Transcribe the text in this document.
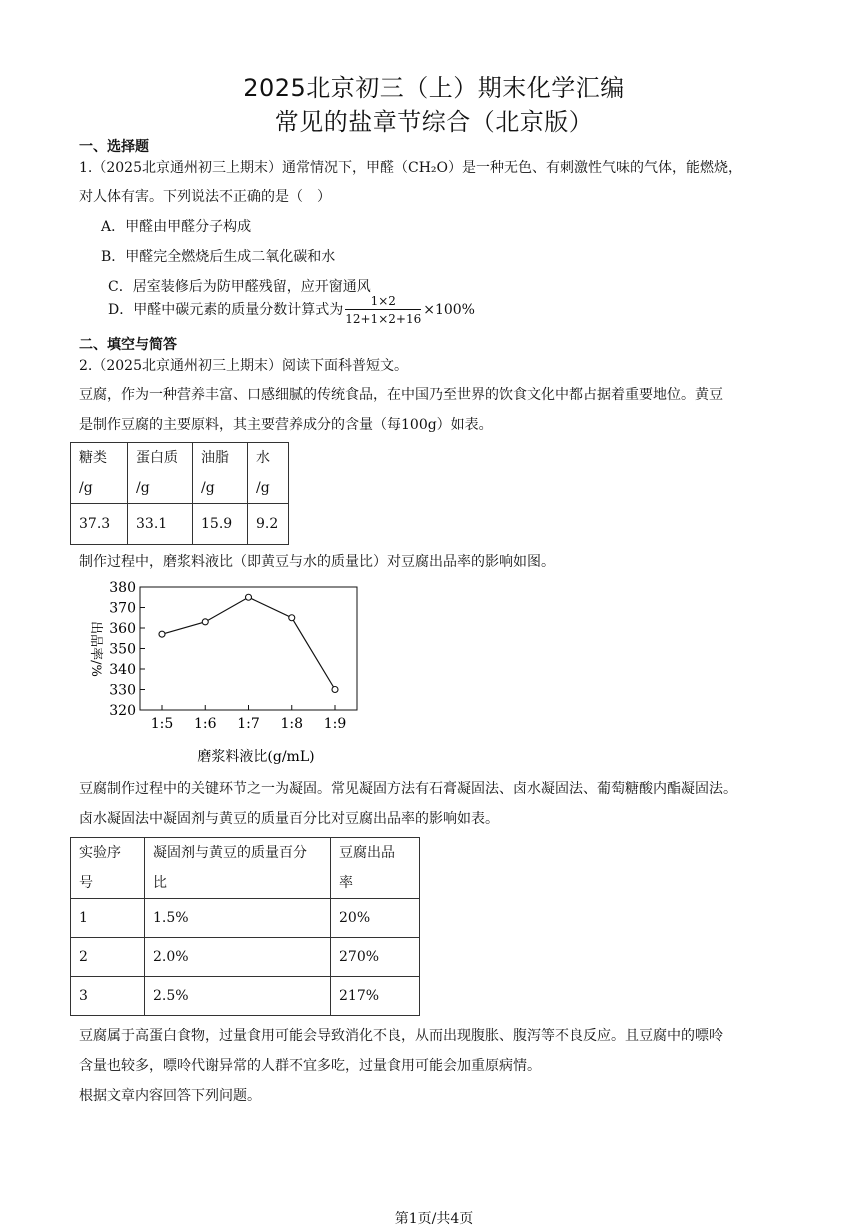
2025北京初三（上）期末化学汇编
常见的盐章节综合（北京版）
一、选择题
1.（2025北京通州初三上期末）通常情况下，甲醛（CH₂O）是一种无色、有刺激性气味的气体，能燃烧，
对人体有害。下列说法不正确的是（　）
A．甲醛由甲醛分子构成
B．甲醛完全燃烧后生成二氧化碳和水
C．居室装修后为防甲醛残留，应开窗通风
D．甲醛中碳元素的质量分数计算式为 $\frac{1\times 2}{12+1\times 2+16} \times 100\%$
二、填空与简答
2.（2025北京通州初三上期末）阅读下面科普短文。
豆腐，作为一种营养丰富、口感细腻的传统食品，在中国乃至世界的饮食文化中都占据着重要地位。黄豆
是制作豆腐的主要原料，其主要营养成分的含量（每100g）如表。
糖类
/g	蛋白质
/g	油脂
/g	水
/g
37.3	33.1	15.9	9.2
制作过程中，磨浆料液比（即黄豆与水的质量比）对豆腐出品率的影响如图。
出品率/%
磨浆料液比(g/mL)
320
330
340
350
360
370
380
1:5 1:6 1:7 1:8 1:9
豆腐制作过程中的关键环节之一为凝固。常见凝固方法有石膏凝固法、卤水凝固法、葡萄糖酸内酯凝固法。
卤水凝固法中凝固剂与黄豆的质量百分比对豆腐出品率的影响如表。
实验序
号	凝固剂与黄豆的质量百分
比	豆腐出品
率
1	1.5%	20%
2	2.0%	270%
3	2.5%	217%
豆腐属于高蛋白食物，过量食用可能会导致消化不良，从而出现腹胀、腹泻等不良反应。且豆腐中的嘌呤
含量也较多，嘌呤代谢异常的人群不宜多吃，过量食用可能会加重原病情。
根据文章内容回答下列问题。
第1页/共4页
